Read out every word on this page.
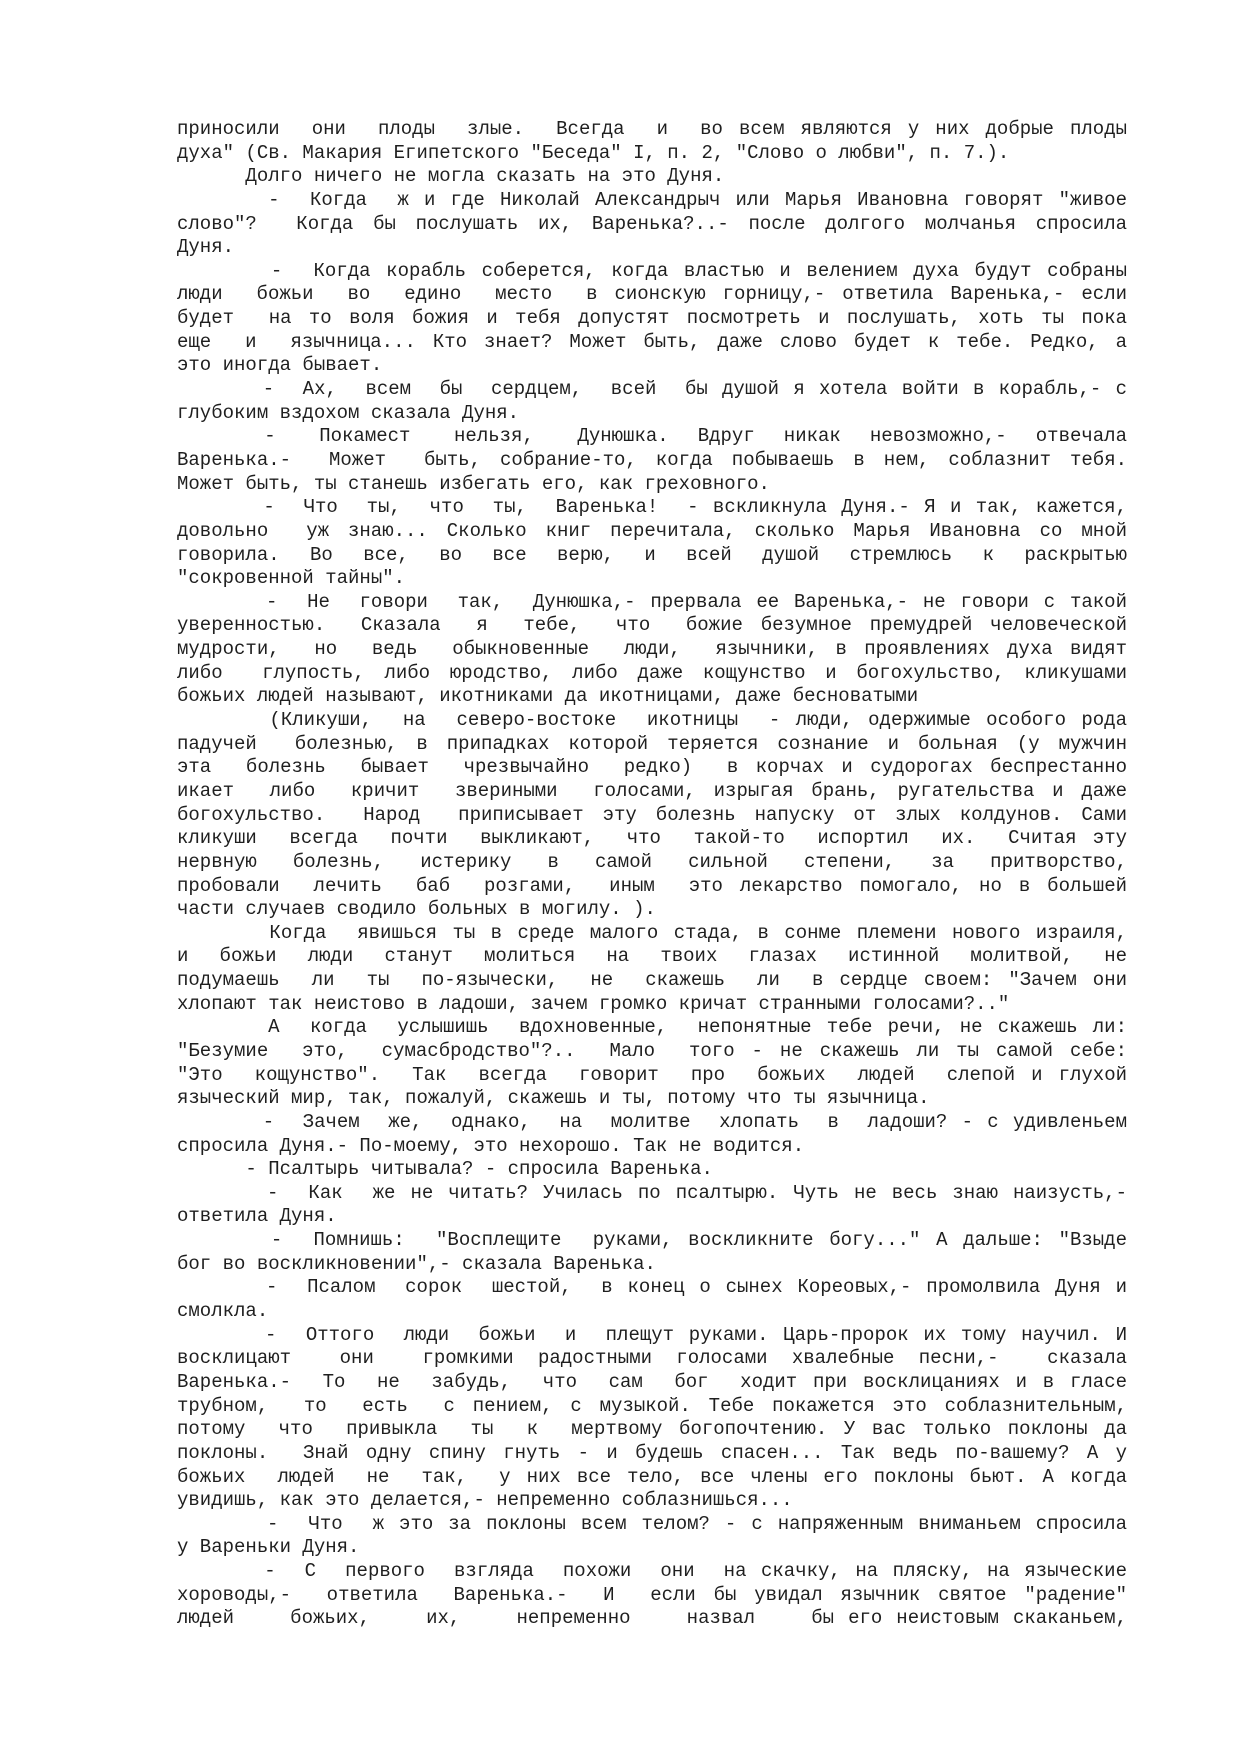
приносили  они  плоды  злые.  Всегда  и  во всем являются у них добрые плоды
духа" (Св. Макария Египетского "Беседа" I, п. 2, "Слово о любви", п. 7.).
Долго ничего не могла сказать на это Дуня.
-  Когда  ж и где Николай Александрыч или Марья Ивановна говорят "живое
слово"?  Когда бы послушать их, Варенька?..- после долгого молчанья спросила
Дуня.
-  Когда корабль соберется, когда властью и велением духа будут собраны
люди  божьи  во  едино  место  в сионскую горницу,- ответила Варенька,- если
будет  на то воля божия и тебя допустят посмотреть и послушать, хоть ты пока
еще  и  язычница... Кто знает? Может быть, даже слово будет к тебе. Редко, а
это иногда бывает.
-  Ах,  всем  бы  сердцем,  всей  бы душой я хотела войти в корабль,- с
глубоким вздохом сказала Дуня.
-   Покамест   нельзя,   Дунюшка.  Вдруг  никак  невозможно,-  отвечала
Варенька.-  Может  быть, собрание-то, когда побываешь в нем, соблазнит тебя.
Может быть, ты станешь избегать его, как греховного.
-  Что  ты,  что  ты,  Варенька!  - вскликнула Дуня.- Я и так, кажется,
довольно  уж знаю... Сколько книг перечитала, сколько Марья Ивановна со мной
говорила.  Во  все,  во  все  верю,  и  всей  душой  стремлюсь  к  раскрытью
"сокровенной тайны".
-  Не  говори  так,  Дунюшка,- прервала ее Варенька,- не говори с такой
уверенностью.  Сказала  я  тебе,  что  божие безумное премудрей человеческой
мудрости,  но  ведь  обыкновенные  люди,  язычники, в проявлениях духа видят
либо  глупость, либо юродство, либо даже кощунство и богохульство, кликушами
божьих людей называют, икотниками да икотницами, даже бесноватыми
(Кликуши,  на  северо-востоке  икотницы  - люди, одержимые особого рода
падучей  болезнью, в припадках которой теряется сознание и больная (у мужчин
эта  болезнь  бывает  чрезвычайно  редко)  в корчах и судорогах беспрестанно
икает  либо  кричит  звериными  голосами, изрыгая брань, ругательства и даже
богохульство.  Народ  приписывает эту болезнь напуску от злых колдунов. Сами
кликуши  всегда  почти  выкликают,  что  такой-то  испортил  их.  Считая эту
нервную  болезнь,  истерику  в  самой  сильной  степени,  за  притворство,
пробовали  лечить  баб  розгами,  иным  это лекарство помогало, но в большей
части случаев сводило больных в могилу. ).
Когда  явишься ты в среде малого стада, в сонме племени нового израиля,
и  божьи  люди  станут  молиться  на  твоих  глазах  истинной  молитвой,  не
подумаешь  ли  ты  по-язычески,  не  скажешь  ли  в сердце своем: "Зачем они
хлопают так неистово в ладоши, зачем громко кричат странными голосами?.."
А  когда  услышишь  вдохновенные,  непонятные тебе речи, не скажешь ли:
"Безумие  это,  сумасбродство"?..  Мало  того - не скажешь ли ты самой себе:
"Это  кощунство".  Так  всегда  говорит  про  божьих  людей  слепой и глухой
языческий мир, так, пожалуй, скажешь и ты, потому что ты язычница.
-  Зачем  же,  однако,  на  молитве  хлопать  в  ладоши? - с удивленьем
спросила Дуня.- По-моему, это нехорошо. Так не водится.
- Псалтырь читывала? - спросила Варенька.
-  Как  же не читать? Училась по псалтырю. Чуть не весь знаю наизусть,-
ответила Дуня.
-  Помнишь:  "Восплещите  руками, воскликните богу..." А дальше: "Взыде
бог во воскликновении",- сказала Варенька.
-  Псалом  сорок  шестой,  в конец о сынех Кореовых,- промолвила Дуня и
смолкла.
-  Оттого  люди  божьи  и  плещут руками. Царь-пророк их тому научил. И
восклицают  они  громкими радостными голосами хвалебные песни,-  сказала
Варенька.-  То  не  забудь,  что  сам  бог  ходит при восклицаниях и в гласе
трубном,  то  есть  с пением, с музыкой. Тебе покажется это соблазнительным,
потому  что  привыкла  ты  к  мертвому богопочтению. У вас только поклоны да
поклоны.  Знай одну спину гнуть - и будешь спасен... Так ведь по-вашему? А у
божьих  людей  не  так,  у них все тело, все члены его поклоны бьют. А когда
увидишь, как это делается,- непременно соблазнишься...
-  Что  ж это за поклоны всем телом? - с напряженным вниманьем спросила
у Вареньки Дуня.
-  С  первого  взгляда  похожи  они  на скачку, на пляску, на языческие
хороводы,-  ответила  Варенька.-  И  если бы увидал язычник святое "радение"
людей    божьих,    их,    непременно    назвал    бы его неистовым скаканьем,
